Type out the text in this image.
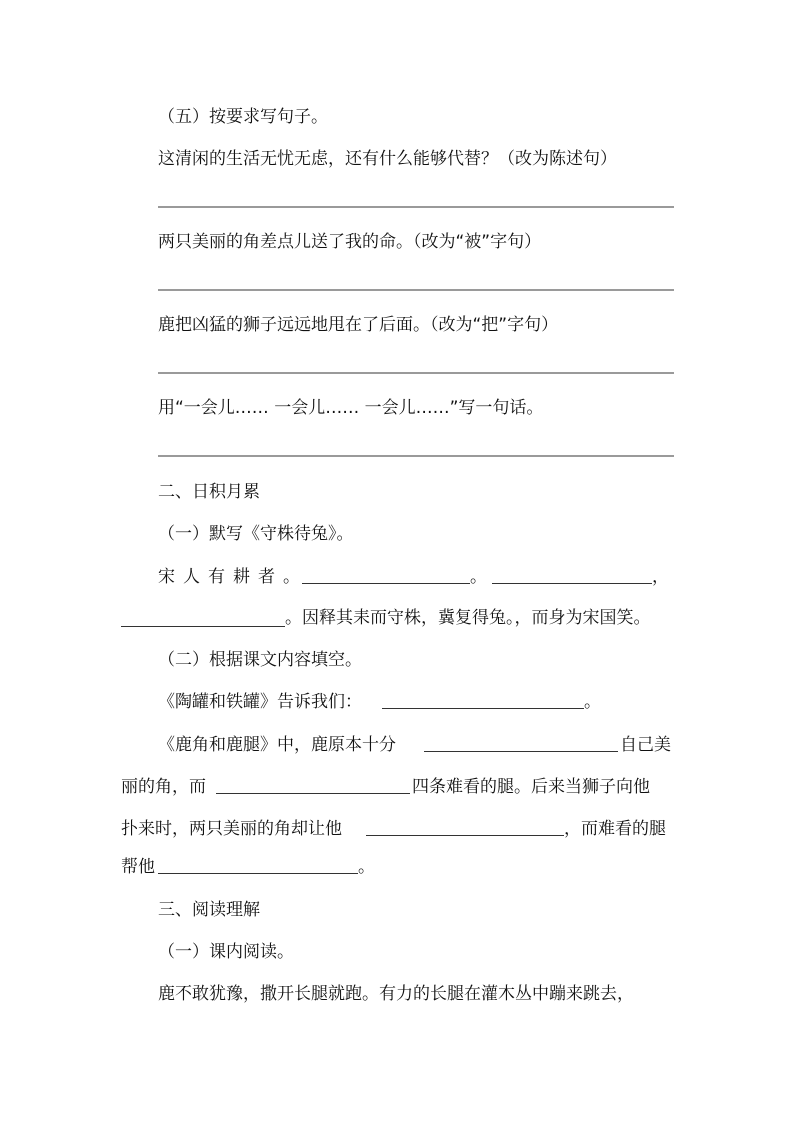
（五）按要求写句子。
这清闲的生活无忧无虑，还有什么能够代替？（改为陈述句）
两只美丽的角差点儿送了我的命。（改为“被”字句）
鹿把凶猛的狮子远远地甩在了后面。（改为“把”字句）
用“一会儿…… 一会儿…… 一会儿……”写一句话。
二、日积月累
（一）默写《守株待兔》。
宋人有耕者。	。	，
。因释其耒而守株，冀复得兔。，而身为宋国笑。
（二）根据课文内容填空。
《陶罐和铁罐》告诉我们：	。
《鹿角和鹿腿》中，鹿原本十分	自己美
丽的角，而	四条难看的腿。后来当狮子向他
扑来时，两只美丽的角却让他	，而难看的腿
帮他	。
三、阅读理解
（一）课内阅读。
鹿不敢犹豫，撒开长腿就跑。有力的长腿在灌木丛中蹦来跳去，
